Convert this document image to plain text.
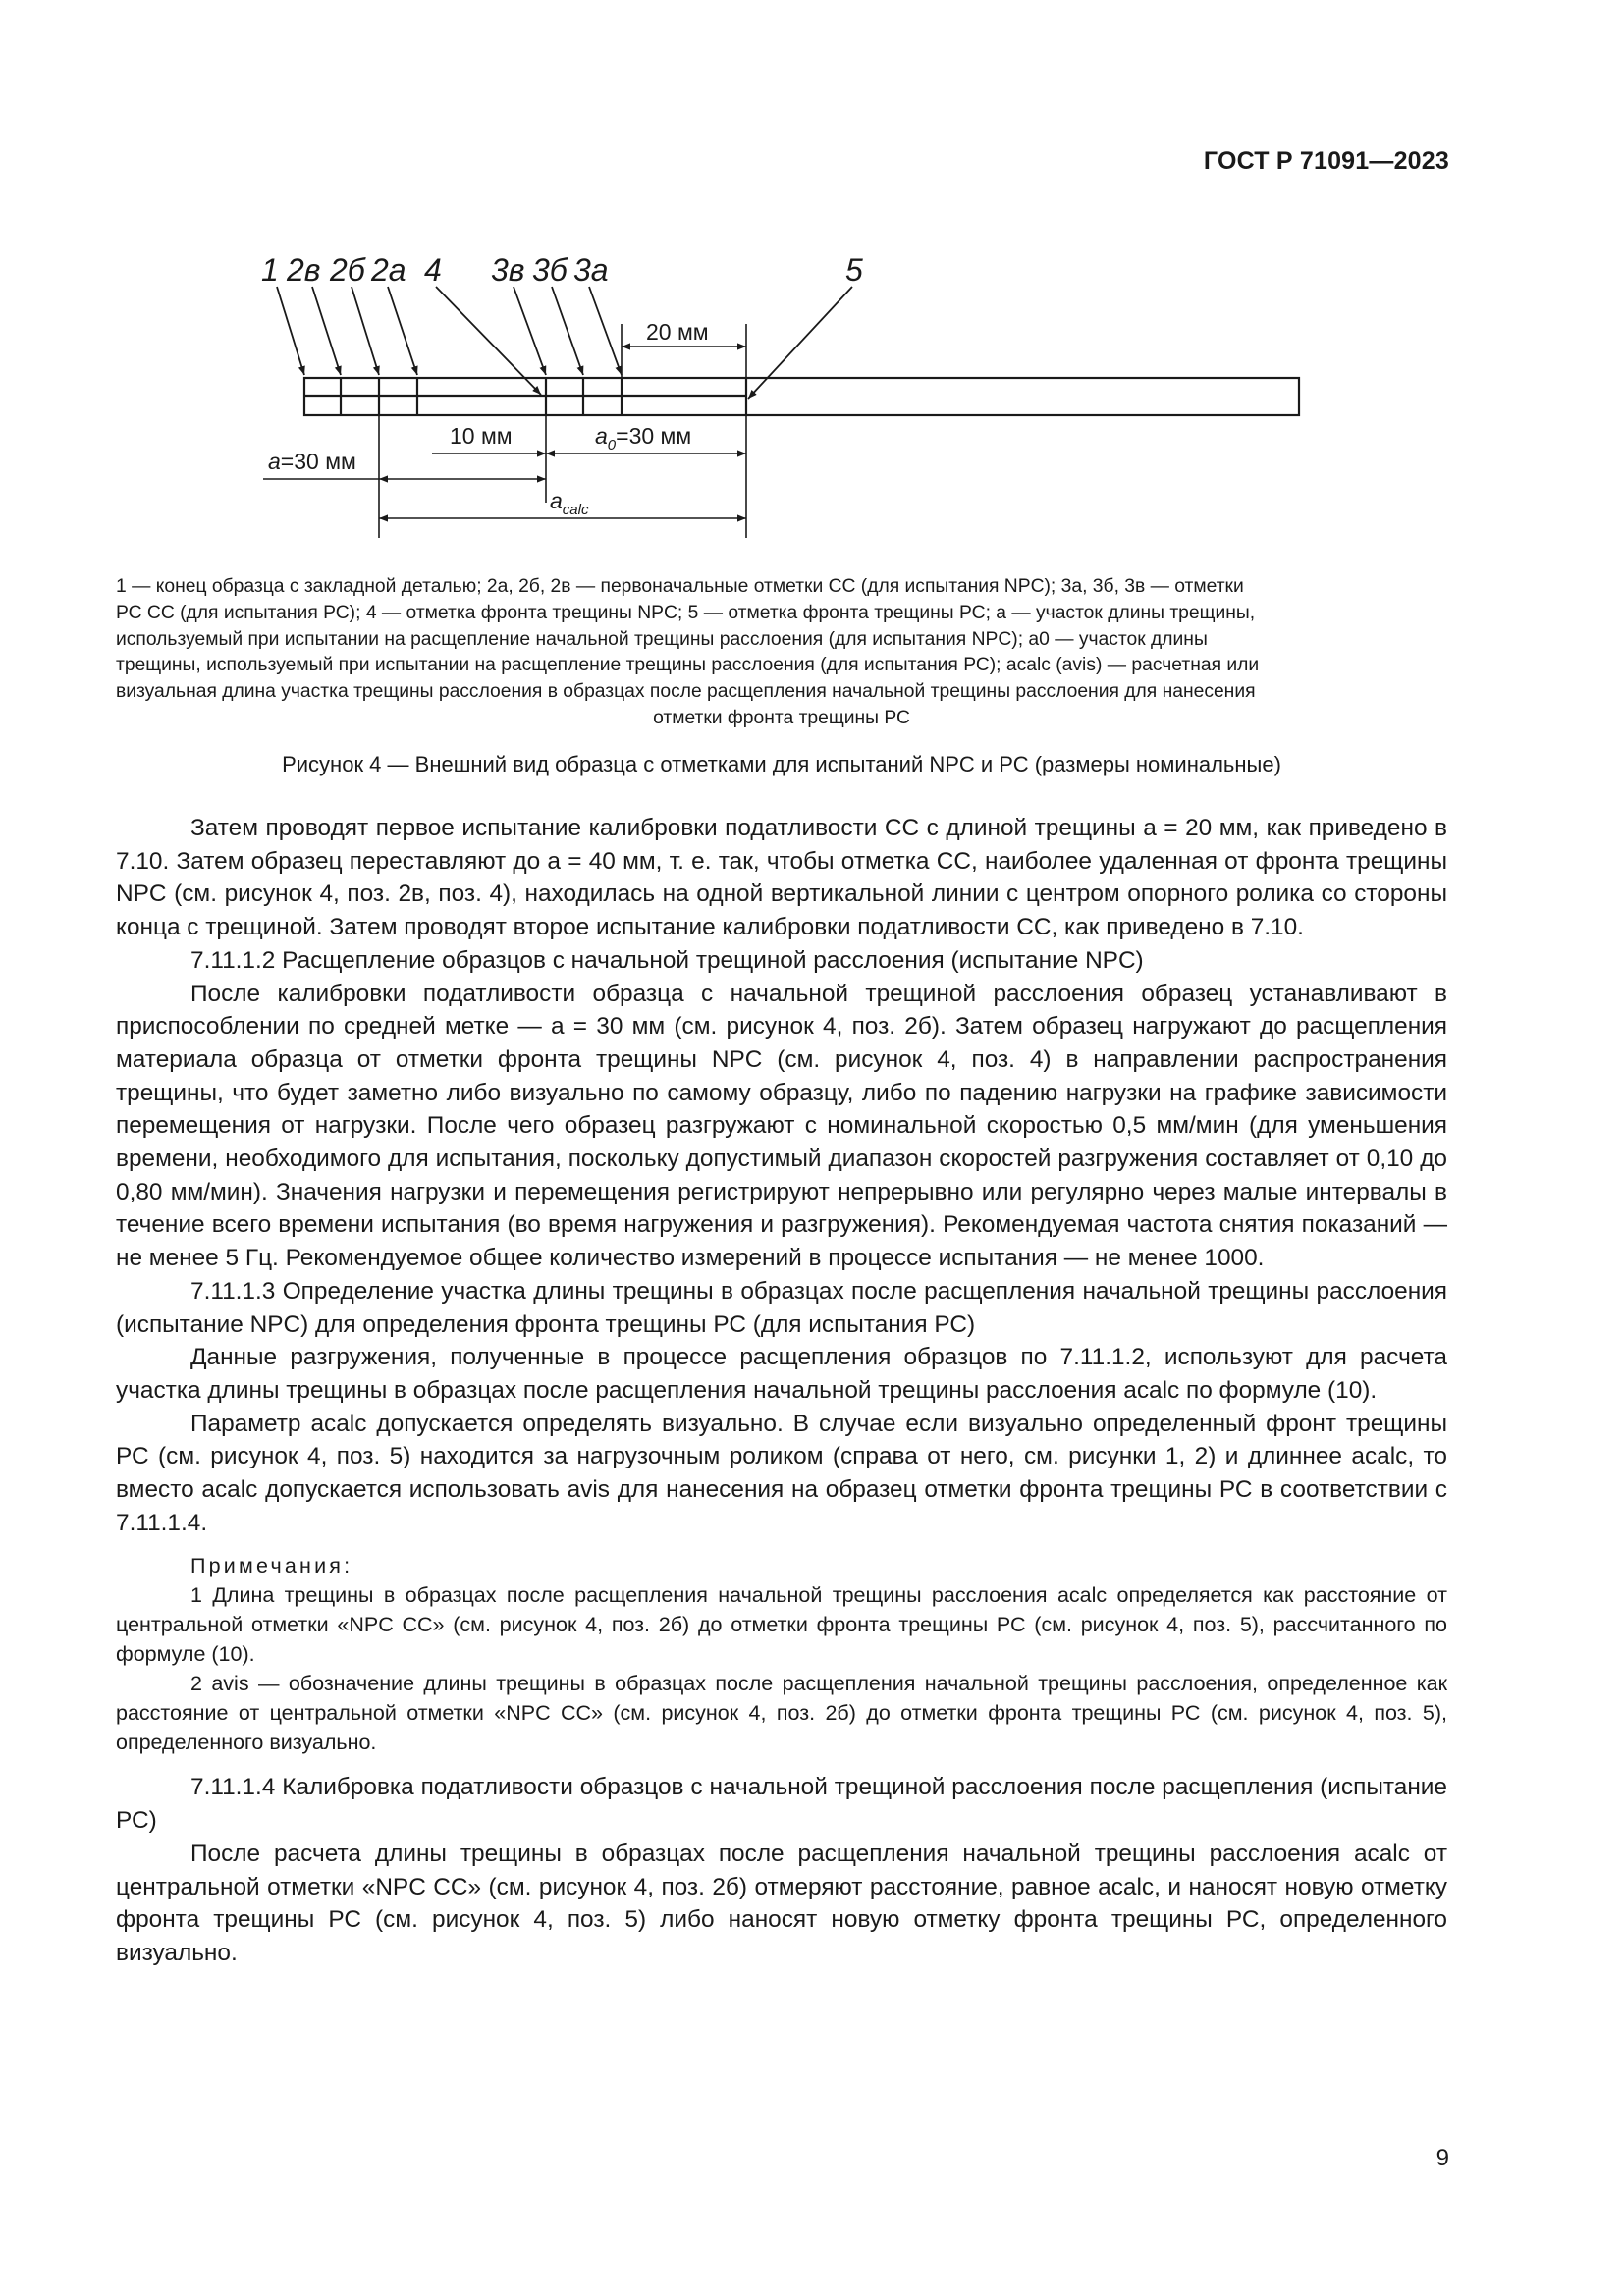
ГОСТ Р 71091—2023
1 2в 2б 2а 4 3в 3б 3а	5
20 мм
10 мм	a0=30 мм
a=30 мм
acalc

1 — конец образца с закладной деталью; 2а, 2б, 2в — первоначальные отметки СС (для испытания NPC); 3а, 3б, 3в — отметки

РС СС (для испытания РС); 4 — отметка фронта трещины NPC; 5 — отметка фронта трещины РС; a — участок длины трещины,

используемый при испытании на расщепление начальной трещины расслоения (для испытания NPC); a0 — участок длины

трещины, используемый при испытании на расщепление трещины расслоения (для испытания РС); acalc (avis) — расчетная или

визуальная длина участка трещины расслоения в образцах после расщепления начальной трещины расслоения для нанесения

отметки фронта трещины РС

Рисунок 4 — Внешний вид образца с отметками для испытаний NPC и РС (размеры номинальные)

Затем проводят первое испытание калибровки податливости СС с длиной трещины a = 20 мм, как приведено в 7.10. Затем образец переставляют до a = 40 мм, т. е. так, чтобы отметка СС, наиболее удаленная от фронта трещины NPC (см. рисунок 4, поз. 2в, поз. 4), находилась на одной вертикальной линии с центром опорного ролика со стороны конца с трещиной. Затем проводят второе испытание калибровки податливости СС, как приведено в 7.10.

7.11.1.2 Расщепление образцов с начальной трещиной расслоения (испытание NPC)

После калибровки податливости образца с начальной трещиной расслоения образец устанавливают в приспособлении по средней метке — a = 30 мм (см. рисунок 4, поз. 2б). Затем образец нагружают до расщепления материала образца от отметки фронта трещины NPC (см. рисунок 4, поз. 4) в направлении распространения трещины, что будет заметно либо визуально по самому образцу, либо по падению нагрузки на графике зависимости перемещения от нагрузки. После чего образец разгружают с номинальной скоростью 0,5 мм/мин (для уменьшения времени, необходимого для испытания, поскольку допустимый диапазон скоростей разгружения составляет от 0,10 до 0,80 мм/мин). Значения нагрузки и перемещения регистрируют непрерывно или регулярно через малые интервалы в течение всего времени испытания (во время нагружения и разгружения). Рекомендуемая частота снятия показаний — не менее 5 Гц. Рекомендуемое общее количество измерений в процессе испытания — не менее 1000.

7.11.1.3 Определение участка длины трещины в образцах после расщепления начальной трещины расслоения (испытание NPC) для определения фронта трещины РС (для испытания РС)

Данные разгружения, полученные в процессе расщепления образцов по 7.11.1.2, используют для расчета участка длины трещины в образцах после расщепления начальной трещины расслоения acalc по формуле (10).

Параметр acalc допускается определять визуально. В случае если визуально определенный фронт трещины РС (см. рисунок 4, поз. 5) находится за нагрузочным роликом (справа от него, см. рисунки 1, 2) и длиннее acalc, то вместо acalc допускается использовать avis для нанесения на образец отметки фронта трещины РС в соответствии с 7.11.1.4.

Примечания:

1 Длина трещины в образцах после расщепления начальной трещины расслоения acalc определяется как расстояние от центральной отметки «NPC СС» (см. рисунок 4, поз. 2б) до отметки фронта трещины РС (см. рисунок 4, поз. 5), рассчитанного по формуле (10).

2 avis — обозначение длины трещины в образцах после расщепления начальной трещины расслоения, определенное как расстояние от центральной отметки «NPC СС» (см. рисунок 4, поз. 2б) до отметки фронта трещины РС (см. рисунок 4, поз. 5), определенного визуально.

7.11.1.4 Калибровка податливости образцов с начальной трещиной расслоения после расщепления (испытание РС)

После расчета длины трещины в образцах после расщепления начальной трещины расслоения acalc от центральной отметки «NPC СС» (см. рисунок 4, поз. 2б) отмеряют расстояние, равное acalc, и наносят новую отметку фронта трещины РС (см. рисунок 4, поз. 5) либо наносят новую отметку фронта трещины РС, определенного визуально.

9
